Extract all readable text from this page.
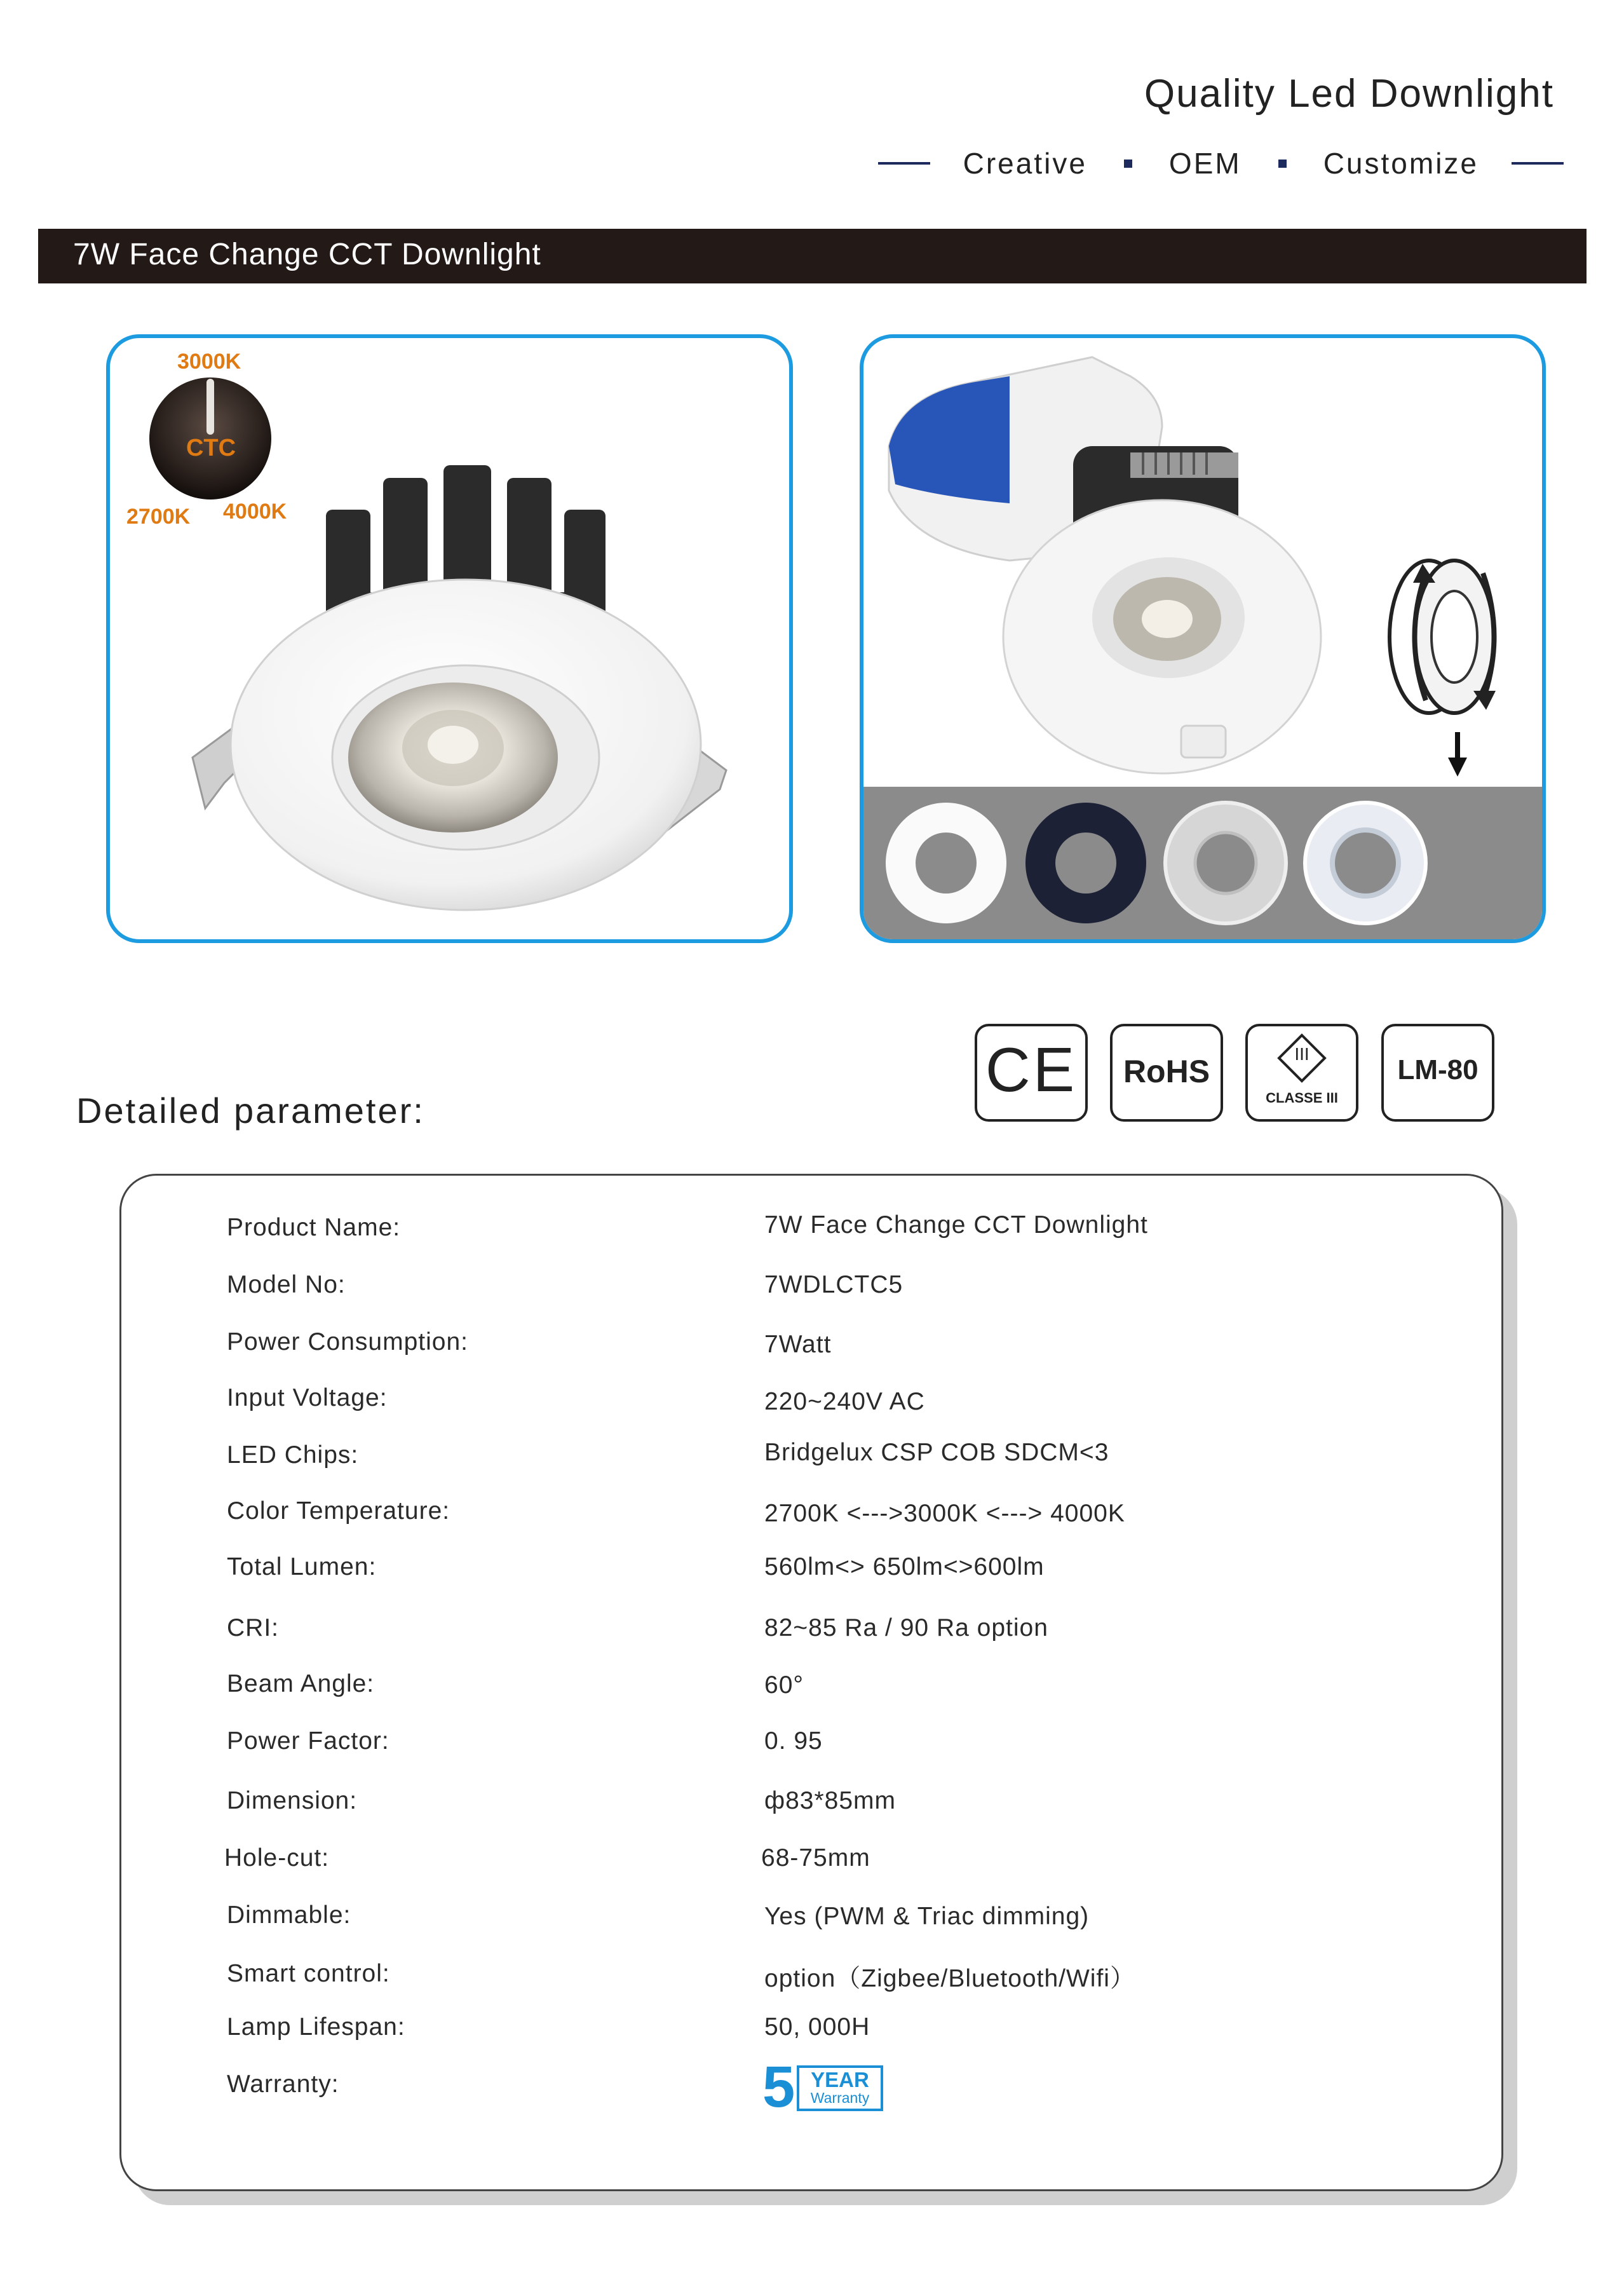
Quality Led Downlight
Creative	OEM	Customize
7W Face Change CCT Downlight
3000K
CTC
2700K 4000K
CE	RoHS	III
CLASSE III
LM-80
Detailed parameter:
Product Name:	7W Face Change CCT Downlight
Model No:	7WDLCTC5
Power Consumption:	7Watt
Input Voltage:	220~240V AC
LED Chips:	Bridgelux CSP COB SDCM<3
Color Temperature:	2700K <--->3000K <---> 4000K
Total Lumen:	560lm<> 650lm<>600lm
CRI:	82~85 Ra / 90 Ra option
Beam Angle:	60°
Power Factor:	0. 95
Dimension:	ф83*85mm
Hole-cut:	68-75mm
Dimmable:	Yes (PWM & Triac dimming)
Smart control:	option（Zigbee/Bluetooth/Wifi）
Lamp Lifespan:	50, 000H
Warranty:	5 YEAR
Warranty
